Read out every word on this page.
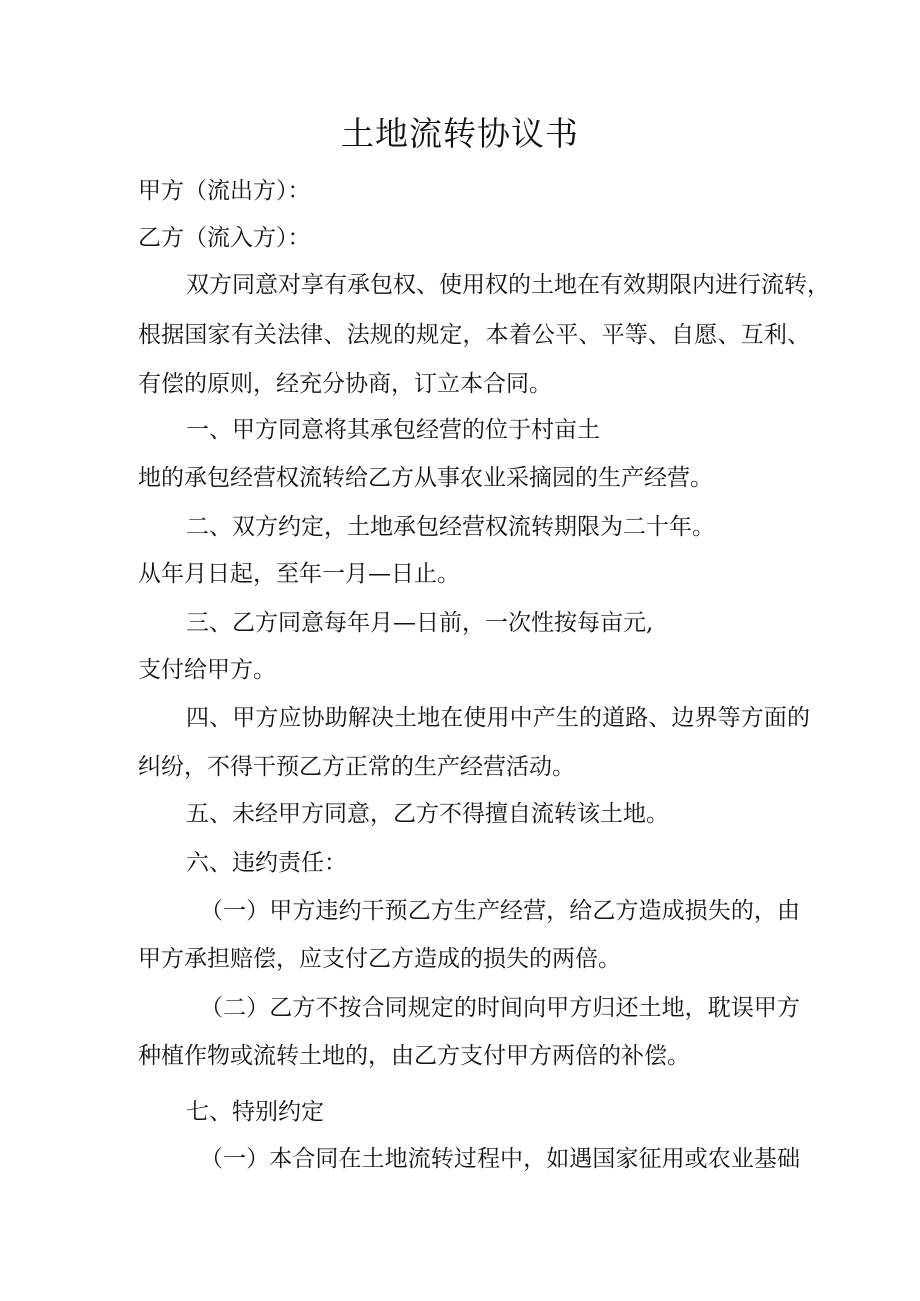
土地流转协议书
甲方（流出方）：
乙方（流入方）：
双方同意对享有承包权、使用权的土地在有效期限内进行流转，
根据国家有关法律、法规的规定，本着公平、平等、自愿、互利、
有偿的原则，经充分协商，订立本合同。
一、甲方同意将其承包经营的位于村亩土
地的承包经营权流转给乙方从事农业采摘园的生产经营。
二、双方约定，土地承包经营权流转期限为二十年。
从年月日起，至年一月—日止。
三、乙方同意每年月—日前，一次性按每亩元,
支付给甲方。
四、甲方应协助解决土地在使用中产生的道路、边界等方面的
纠纷，不得干预乙方正常的生产经营活动。
五、未经甲方同意，乙方不得擅自流转该土地。
六、违约责任：
（一）甲方违约干预乙方生产经营，给乙方造成损失的，由
甲方承担赔偿，应支付乙方造成的损失的两倍。
（二）乙方不按合同规定的时间向甲方归还土地，耽误甲方
种植作物或流转土地的，由乙方支付甲方两倍的补偿。
七、特别约定
（一）本合同在土地流转过程中，如遇国家征用或农业基础
